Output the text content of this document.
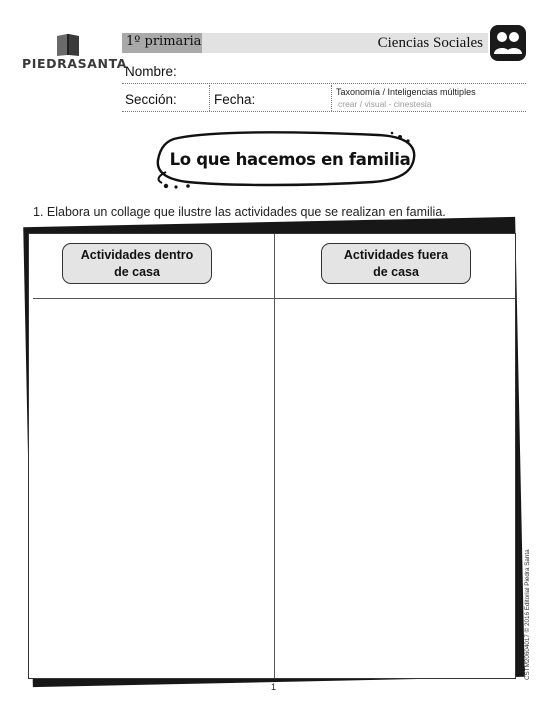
PIEDRASANTA
1º primaria	Ciencias Sociales
Nombre:
Sección:	Fecha:	Taxonomía / Inteligencias múltiples
crear / visual - cinestesia
Lo que hacemos en familia
1. Elabora un collage que ilustre las actividades que se realizan en familia.
Actividades dentro
de casa
Actividades fuera
de casa
1
CSTM20604017 © 2016 Editorial Piedra Santa
